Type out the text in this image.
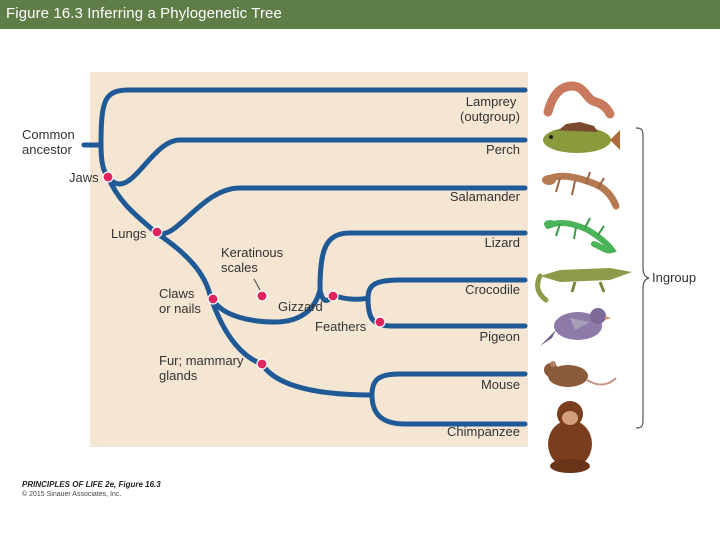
Figure 16.3 Inferring a Phylogenetic Tree
Common ancestor
Lamprey (outgroup)
Perch
Salamander
Lizard
Crocodile
Pigeon
Mouse
Chimpanzee
Jaws
Lungs
Claws or nails
Keratinous scales
Gizzard
Feathers
Fur; mammary glands
Ingroup
PRINCIPLES OF LIFE 2e, Figure 16.3
© 2015 Sinauer Associates, Inc.
